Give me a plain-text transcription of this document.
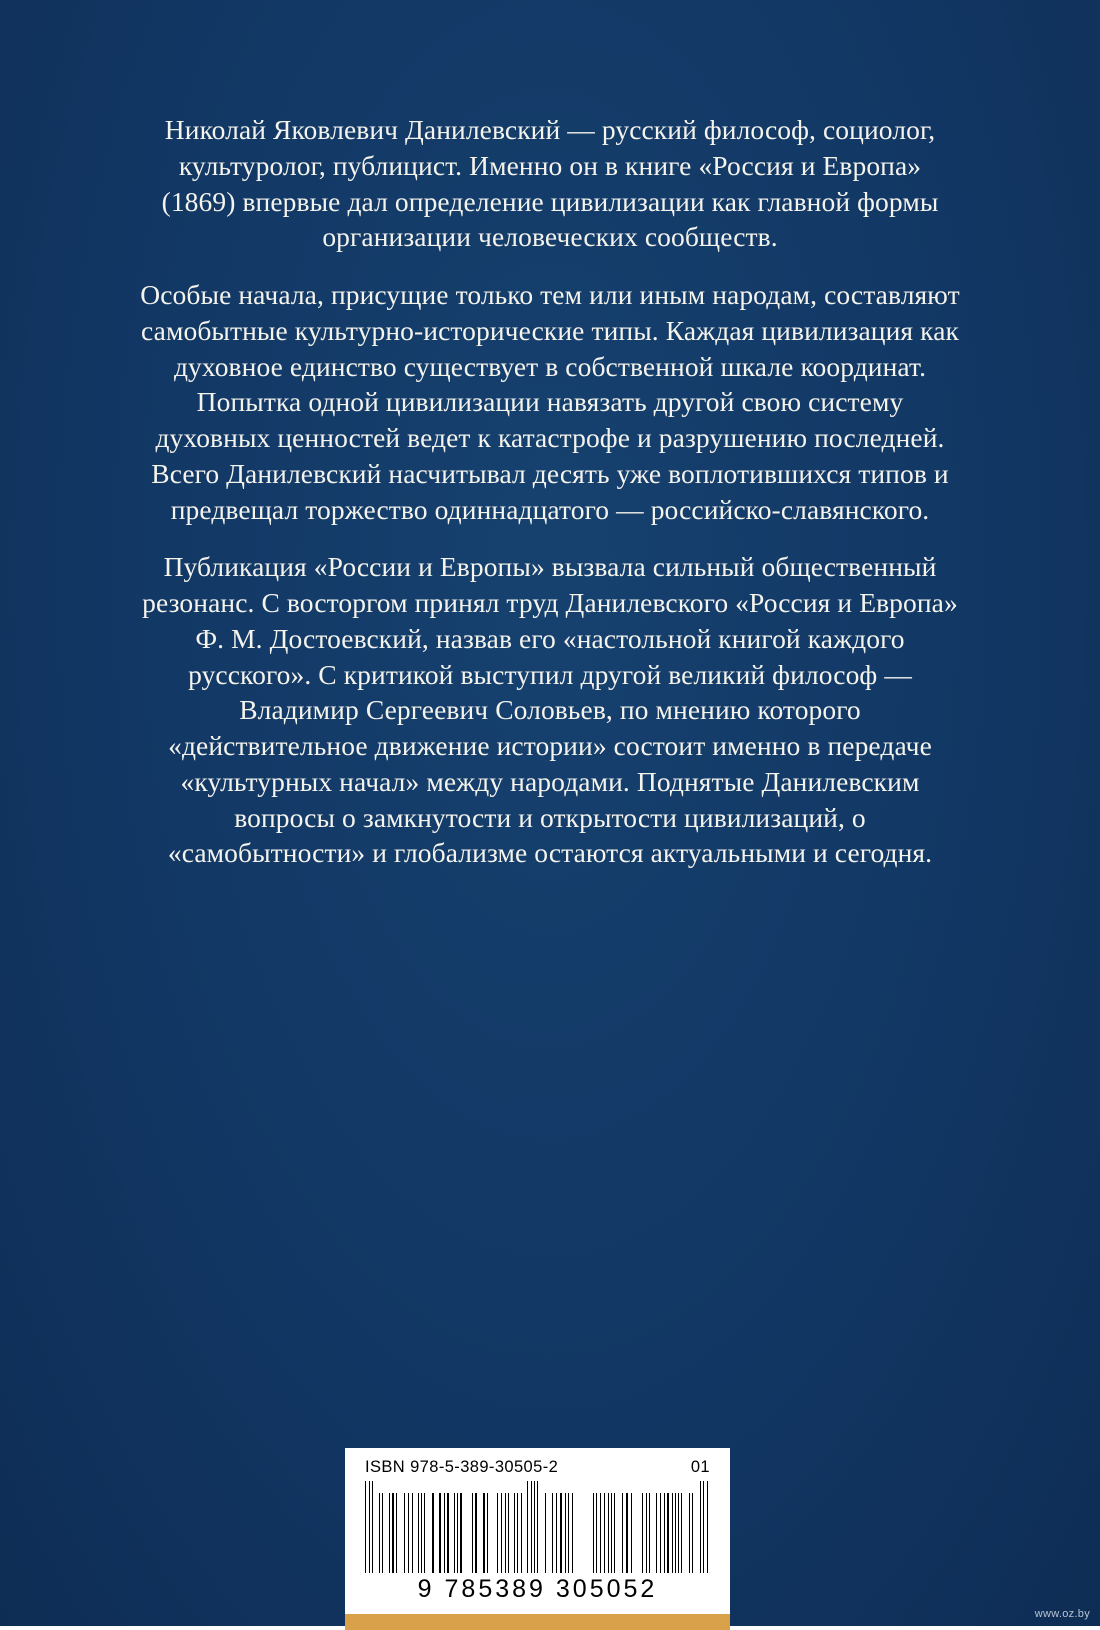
Николай Яковлевич Данилевский — русский философ, социолог, культуролог, публицист. Именно он в книге «Россия и Европа» (1869) впервые дал определение цивилизации как главной формы организации человеческих сообществ.

Особые начала, присущие только тем или иным народам, составляют самобытные культурно-исторические типы. Каждая цивилизация как духовное единство существует в собственной шкале координат. Попытка одной цивилизации навязать другой свою систему духовных ценностей ведет к катастрофе и разрушению последней. Всего Данилевский насчитывал десять уже воплотившихся типов и предвещал торжество одиннадцатого — российско-славянского.

Публикация «России и Европы» вызвала сильный общественный резонанс. С восторгом принял труд Данилевского «Россия и Европа» Ф. М. Достоевский, назвав его «настольной книгой каждого русского». С критикой выступил другой великий философ — Владимир Сергеевич Соловьев, по мнению которого «действительное движение истории» состоит именно в передаче «культурных начал» между народами. Поднятые Данилевским вопросы о замкнутости и открытости цивилизаций, о «самобытности» и глобализме остаются актуальными и сегодня.

ISBN 978-5-389-30505-2	01
9 785389 305052
www.oz.by
